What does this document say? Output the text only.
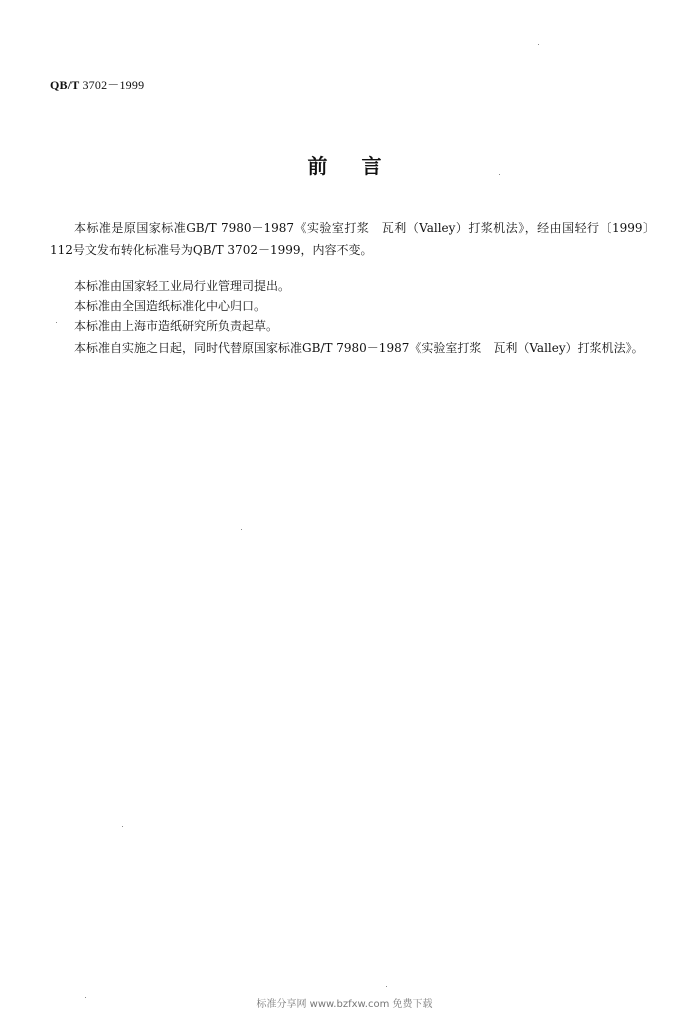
QB/T 3702－1999
前言
本标准是原国家标准GB/T 7980－1987《实验室打浆　瓦利（Valley）打浆机法》，经由国轻行〔1999〕112号文发布转化标准号为QB/T 3702－1999，内容不变。
本标准由国家轻工业局行业管理司提出。
本标准由全国造纸标准化中心归口。
本标准由上海市造纸研究所负责起草。
本标准自实施之日起，同时代替原国家标准GB/T 7980－1987《实验室打浆　瓦利（Valley）打浆机法》。
标准分享网 www.bzfxw.com 免费下载
